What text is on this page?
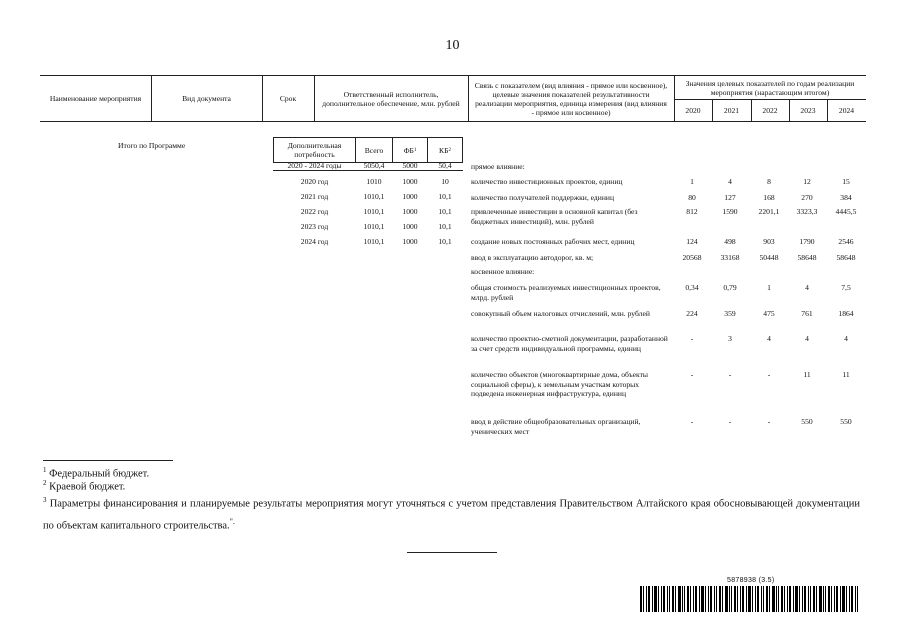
10
Наименование мероприятия	Вид документа	Срок	Ответственный исполнитель, дополнительное обеспечение, млн. рублей
Связь с показателем (вид влияния - прямое или косвенное), целевые значения показателей результативности реализации мероприятия, единица измерения (вид влияния - прямое или косвенное)
Значения целевых показателей по годам реализации мероприятия (нарастающим итогом)
2020	2021	2022	2023	2024
Итого по Программе	Дополнительная потребность	Всего	ФБ 1	КБ 2
2020 - 2024 годы	5050,4	5000	50,4
2020 год	1010	1000	10
2021 год	1010,1	1000	10,1
2022 год	1010,1	1000	10,1
2023 год	1010,1	1000	10,1
2024 год	1010,1	1000	10,1
прямое влияние:
количество инвестиционных проектов, единиц	1	4	8	12	15
количество получателей поддержки, единиц	80	127	168	270	384
привлеченные инвестиции в основной капитал (без бюджетных инвестиций), млн. рублей
812	1590	2201,1	3323,3	4445,5
создание новых постоянных рабочих мест, единиц	124	498	903	1790	2546
ввод в эксплуатацию автодорог, кв. м;	20568	33168	50448	58648	58648
косвенное влияние:
общая стоимость реализуемых инвестиционных проектов, млрд. рублей
0,34	0,79	1	4	7,5
совокупный объем налоговых отчислений, млн. рублей	224	359	475	761	1864
количество проектно-сметной документации, разработанной за счет средств индивидуальной программы, единиц
-	3	4	4	4
количество объектов (многоквартирные дома, объекты социальной сферы), к земельным участкам которых подведена инженерная инфраструктура, единиц
-	-	-	11	11
ввод в действие общеобразовательных организаций, ученических мест
-	-	-	550	550
$^1$ Федеральный бюджет.
$^2$ Краевой бюджет.
$^3$ Параметры финансирования и планируемые результаты мероприятия могут уточняться с учетом представления Правительством Алтайского края обосновывающей документации по объектам капитального строительства.".
5878938 (3.5)
